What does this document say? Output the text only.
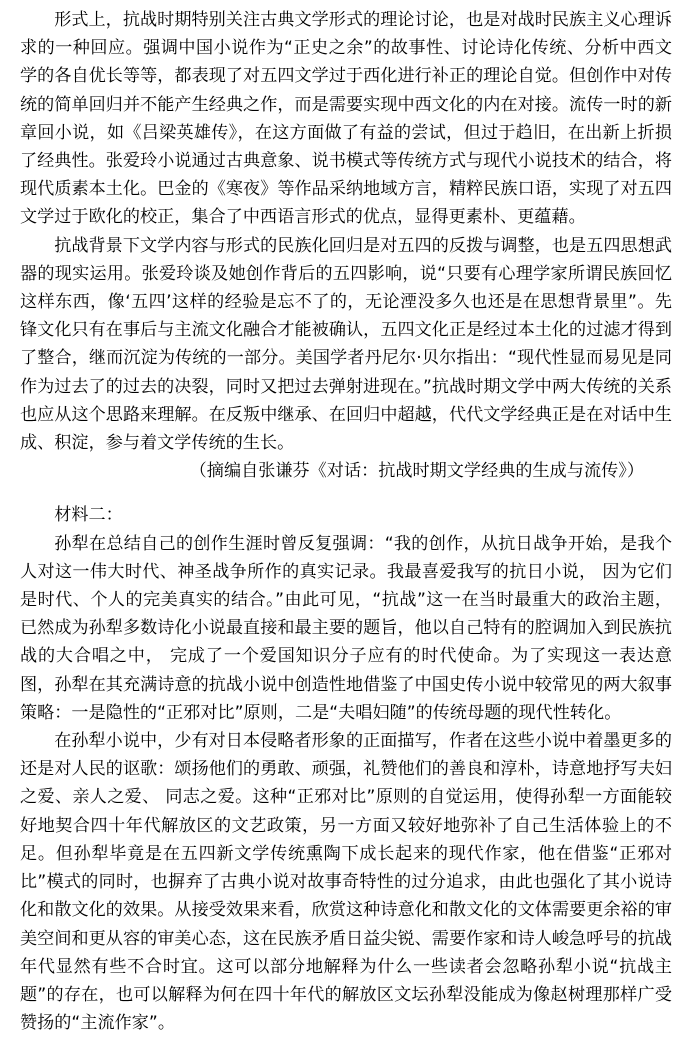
形式上，抗战时期特别关注古典文学形式的理论讨论，也是对战时民族主义心理诉求的一种回应。强调中国小说作为“正史之余”的故事性、讨论诗化传统、分析中西文学的各自优长等等，都表现了对五四文学过于西化进行补正的理论自觉。但创作中对传统的简单回归并不能产生经典之作，而是需要实现中西文化的内在对接。流传一时的新章回小说，如《吕梁英雄传》，在这方面做了有益的尝试，但过于趋旧，在出新上折损了经典性。张爱玲小说通过古典意象、说书模式等传统方式与现代小说技术的结合，将现代质素本土化。巴金的《寒夜》等作品采纳地域方言，精粹民族口语，实现了对五四文学过于欧化的校正，集合了中西语言形式的优点，显得更素朴、更蕴藉。

抗战背景下文学内容与形式的民族化回归是对五四的反拨与调整，也是五四思想武器的现实运用。张爱玲谈及她创作背后的五四影响，说“只要有心理学家所谓民族回忆这样东西，像‘五四’这样的经验是忘不了的，无论湮没多久也还是在思想背景里”。先锋文化只有在事后与主流文化融合才能被确认，五四文化正是经过本土化的过滤才得到了整合，继而沉淀为传统的一部分。美国学者丹尼尔·贝尔指出：“现代性显而易见是同作为过去了的过去的决裂，同时又把过去弹射进现在。”抗战时期文学中两大传统的关系也应从这个思路来理解。在反叛中继承、在回归中超越，代代文学经典正是在对话中生成、积淀，参与着文学传统的生长。

（摘编自张谦芬《对话：抗战时期文学经典的生成与流传》）

材料二：

孙犁在总结自己的创作生涯时曾反复强调：“我的创作，从抗日战争开始，是我个人对这一伟大时代、神圣战争所作的真实记录。我最喜爱我写的抗日小说， 因为它们是时代、个人的完美真实的结合。”由此可见，“抗战”这一在当时最重大的政治主题，已然成为孙犁多数诗化小说最直接和最主要的题旨，他以自己特有的腔调加入到民族抗战的大合唱之中， 完成了一个爱国知识分子应有的时代使命。为了实现这一表达意图，孙犁在其充满诗意的抗战小说中创造性地借鉴了中国史传小说中较常见的两大叙事策略：一是隐性的“正邪对比”原则，二是“夫唱妇随”的传统母题的现代性转化。

在孙犁小说中，少有对日本侵略者形象的正面描写，作者在这些小说中着墨更多的还是对人民的讴歌：颂扬他们的勇敢、顽强，礼赞他们的善良和淳朴，诗意地抒写夫妇之爱、亲人之爱、 同志之爱。这种“正邪对比”原则的自觉运用，使得孙犁一方面能较好地契合四十年代解放区的文艺政策，另一方面又较好地弥补了自己生活体验上的不足。但孙犁毕竟是在五四新文学传统熏陶下成长起来的现代作家，他在借鉴“正邪对比”模式的同时，也摒弃了古典小说对故事奇特性的过分追求，由此也强化了其小说诗化和散文化的效果。从接受效果来看，欣赏这种诗意化和散文化的文体需要更余裕的审美空间和更从容的审美心态，这在民族矛盾日益尖锐、需要作家和诗人峻急呼号的抗战年代显然有些不合时宜。这可以部分地解释为什么一些读者会忽略孙犁小说“抗战主题”的存在，也可以解释为何在四十年代的解放区文坛孙犁没能成为像赵树理那样广受赞扬的“主流作家”。
